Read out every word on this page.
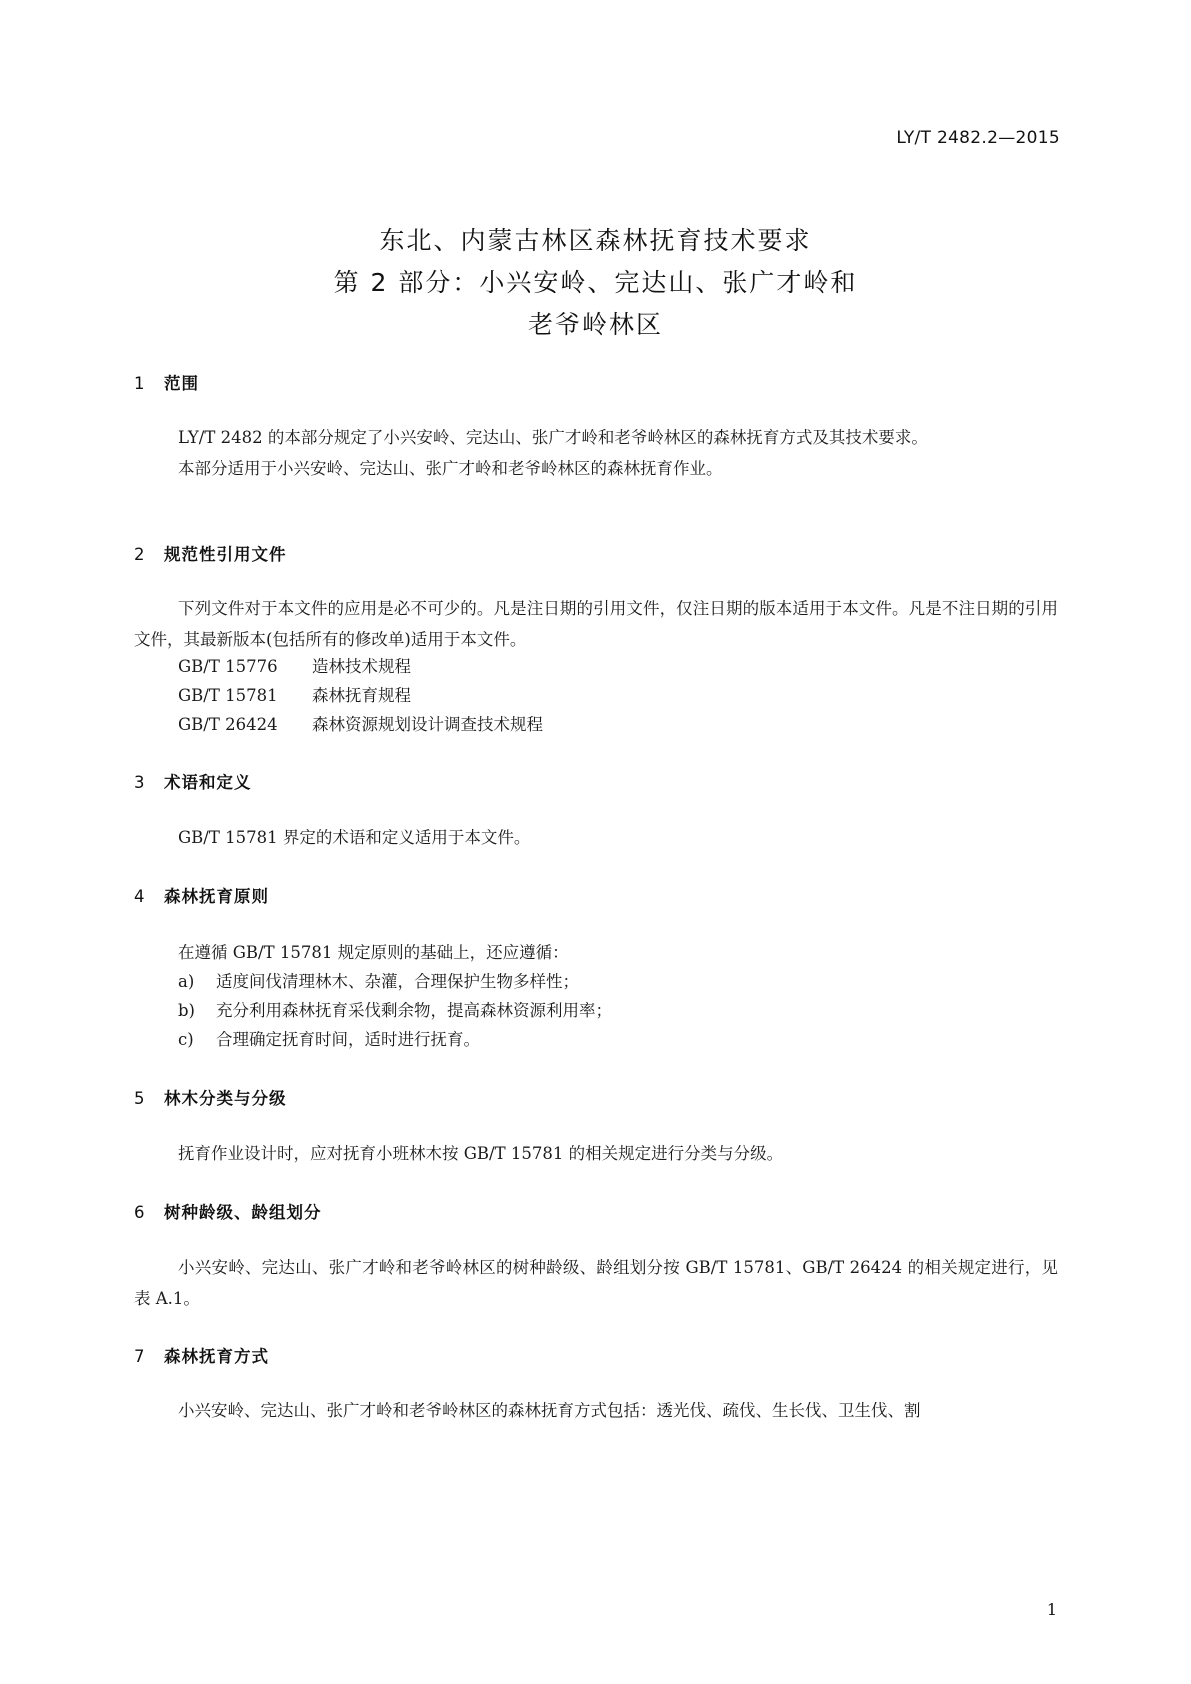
LY/T 2482.2—2015
东北、内蒙古林区森林抚育技术要求
第 2 部分：小兴安岭、完达山、张广才岭和
老爷岭林区
1 范围

LY/T 2482 的本部分规定了小兴安岭、完达山、张广才岭和老爷岭林区的森林抚育方式及其技术要求。

本部分适用于小兴安岭、完达山、张广才岭和老爷岭林区的森林抚育作业。

2 规范性引用文件

下列文件对于本文件的应用是必不可少的。凡是注日期的引用文件，仅注日期的版本适用于本文件。凡是不注日期的引用文件，其最新版本(包括所有的修改单)适用于本文件。

GB/T 15776 造林技术规程
GB/T 15781 森林抚育规程
GB/T 26424 森林资源规划设计调查技术规程
3 术语和定义

GB/T 15781 界定的术语和定义适用于本文件。

4 森林抚育原则

在遵循 GB/T 15781 规定原则的基础上，还应遵循：

a) 适度间伐清理林木、杂灌，合理保护生物多样性；
b) 充分利用森林抚育采伐剩余物，提高森林资源利用率；
c) 合理确定抚育时间，适时进行抚育。
5 林木分类与分级

抚育作业设计时，应对抚育小班林木按 GB/T 15781 的相关规定进行分类与分级。

6 树种龄级、龄组划分

小兴安岭、完达山、张广才岭和老爷岭林区的树种龄级、龄组划分按 GB/T 15781、GB/T 26424 的相关规定进行，见表 A.1。

7 森林抚育方式

小兴安岭、完达山、张广才岭和老爷岭林区的森林抚育方式包括：透光伐、疏伐、生长伐、卫生伐、割

1
